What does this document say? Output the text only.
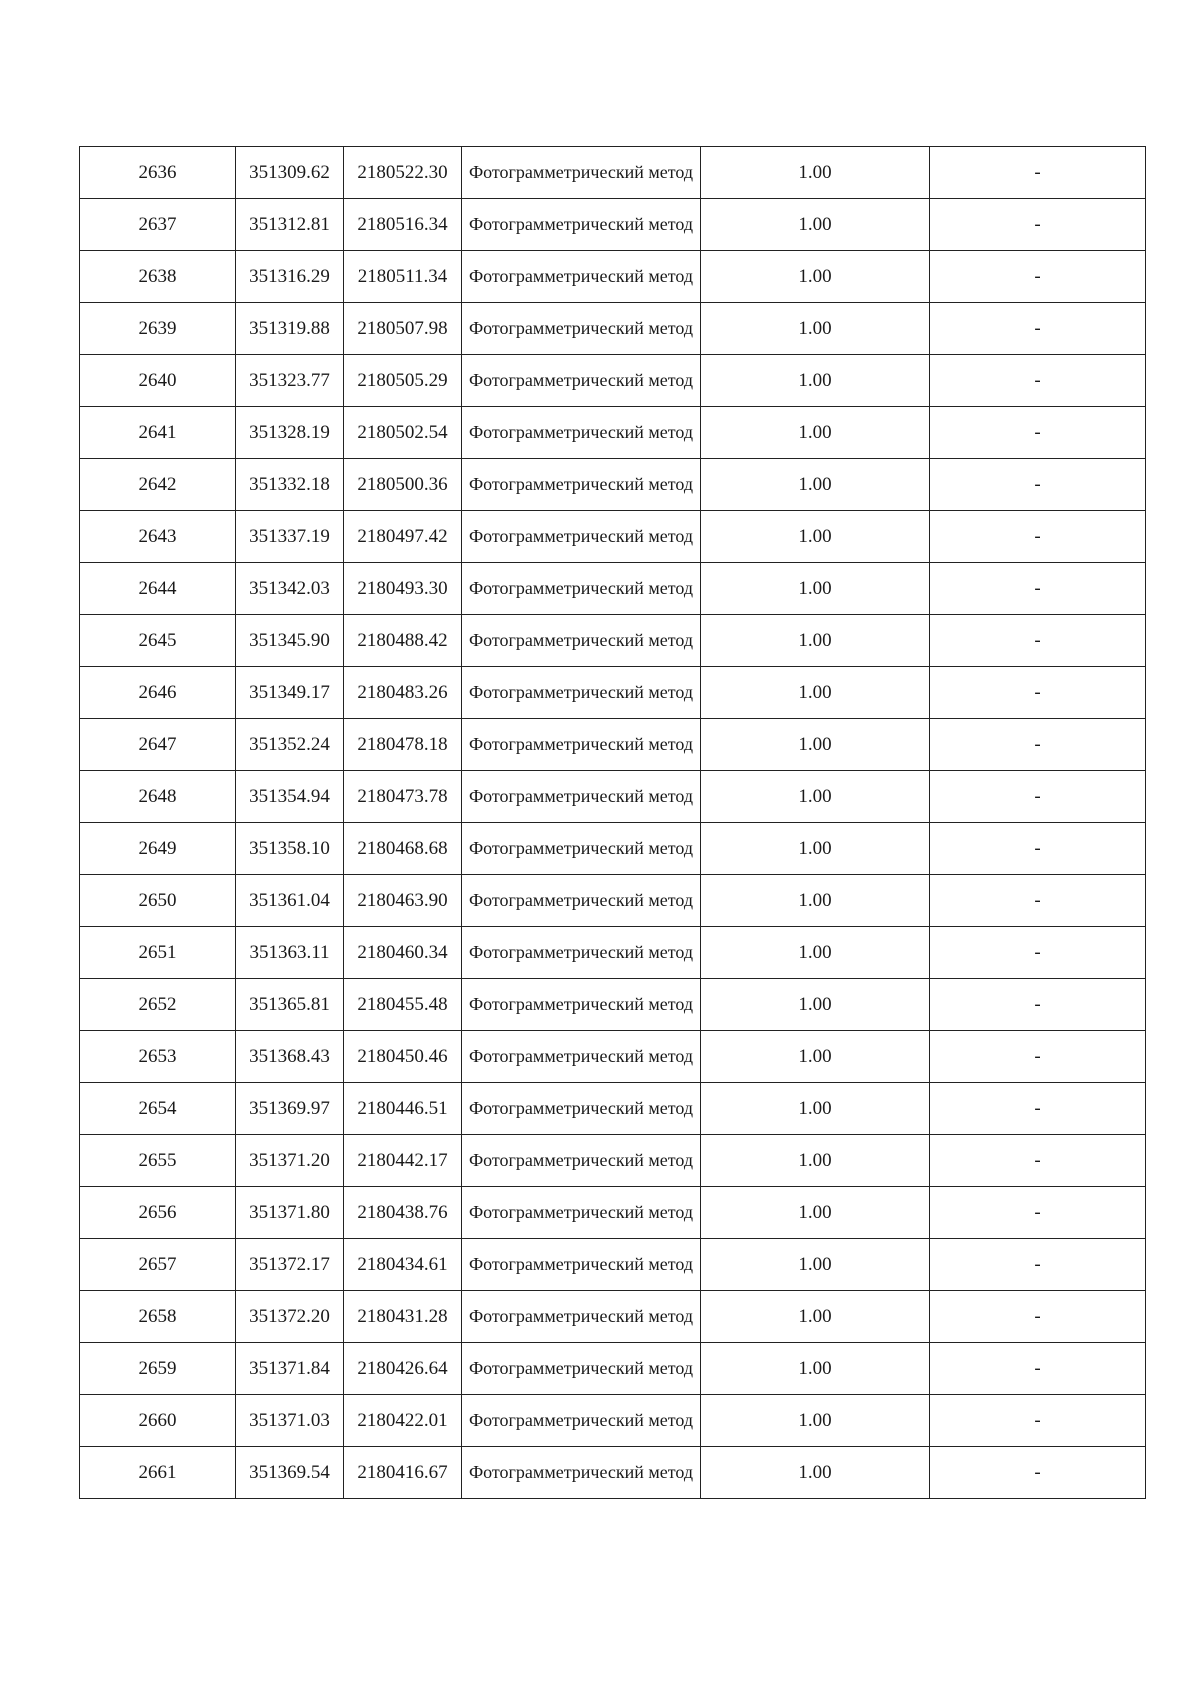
2636	351309.62	2180522.30	Фотограмметрический метод	1.00	-
2637	351312.81	2180516.34	Фотограмметрический метод	1.00	-
2638	351316.29	2180511.34	Фотограмметрический метод	1.00	-
2639	351319.88	2180507.98	Фотограмметрический метод	1.00	-
2640	351323.77	2180505.29	Фотограмметрический метод	1.00	-
2641	351328.19	2180502.54	Фотограмметрический метод	1.00	-
2642	351332.18	2180500.36	Фотограмметрический метод	1.00	-
2643	351337.19	2180497.42	Фотограмметрический метод	1.00	-
2644	351342.03	2180493.30	Фотограмметрический метод	1.00	-
2645	351345.90	2180488.42	Фотограмметрический метод	1.00	-
2646	351349.17	2180483.26	Фотограмметрический метод	1.00	-
2647	351352.24	2180478.18	Фотограмметрический метод	1.00	-
2648	351354.94	2180473.78	Фотограмметрический метод	1.00	-
2649	351358.10	2180468.68	Фотограмметрический метод	1.00	-
2650	351361.04	2180463.90	Фотограмметрический метод	1.00	-
2651	351363.11	2180460.34	Фотограмметрический метод	1.00	-
2652	351365.81	2180455.48	Фотограмметрический метод	1.00	-
2653	351368.43	2180450.46	Фотограмметрический метод	1.00	-
2654	351369.97	2180446.51	Фотограмметрический метод	1.00	-
2655	351371.20	2180442.17	Фотограмметрический метод	1.00	-
2656	351371.80	2180438.76	Фотограмметрический метод	1.00	-
2657	351372.17	2180434.61	Фотограмметрический метод	1.00	-
2658	351372.20	2180431.28	Фотограмметрический метод	1.00	-
2659	351371.84	2180426.64	Фотограмметрический метод	1.00	-
2660	351371.03	2180422.01	Фотограмметрический метод	1.00	-
2661	351369.54	2180416.67	Фотограмметрический метод	1.00	-
